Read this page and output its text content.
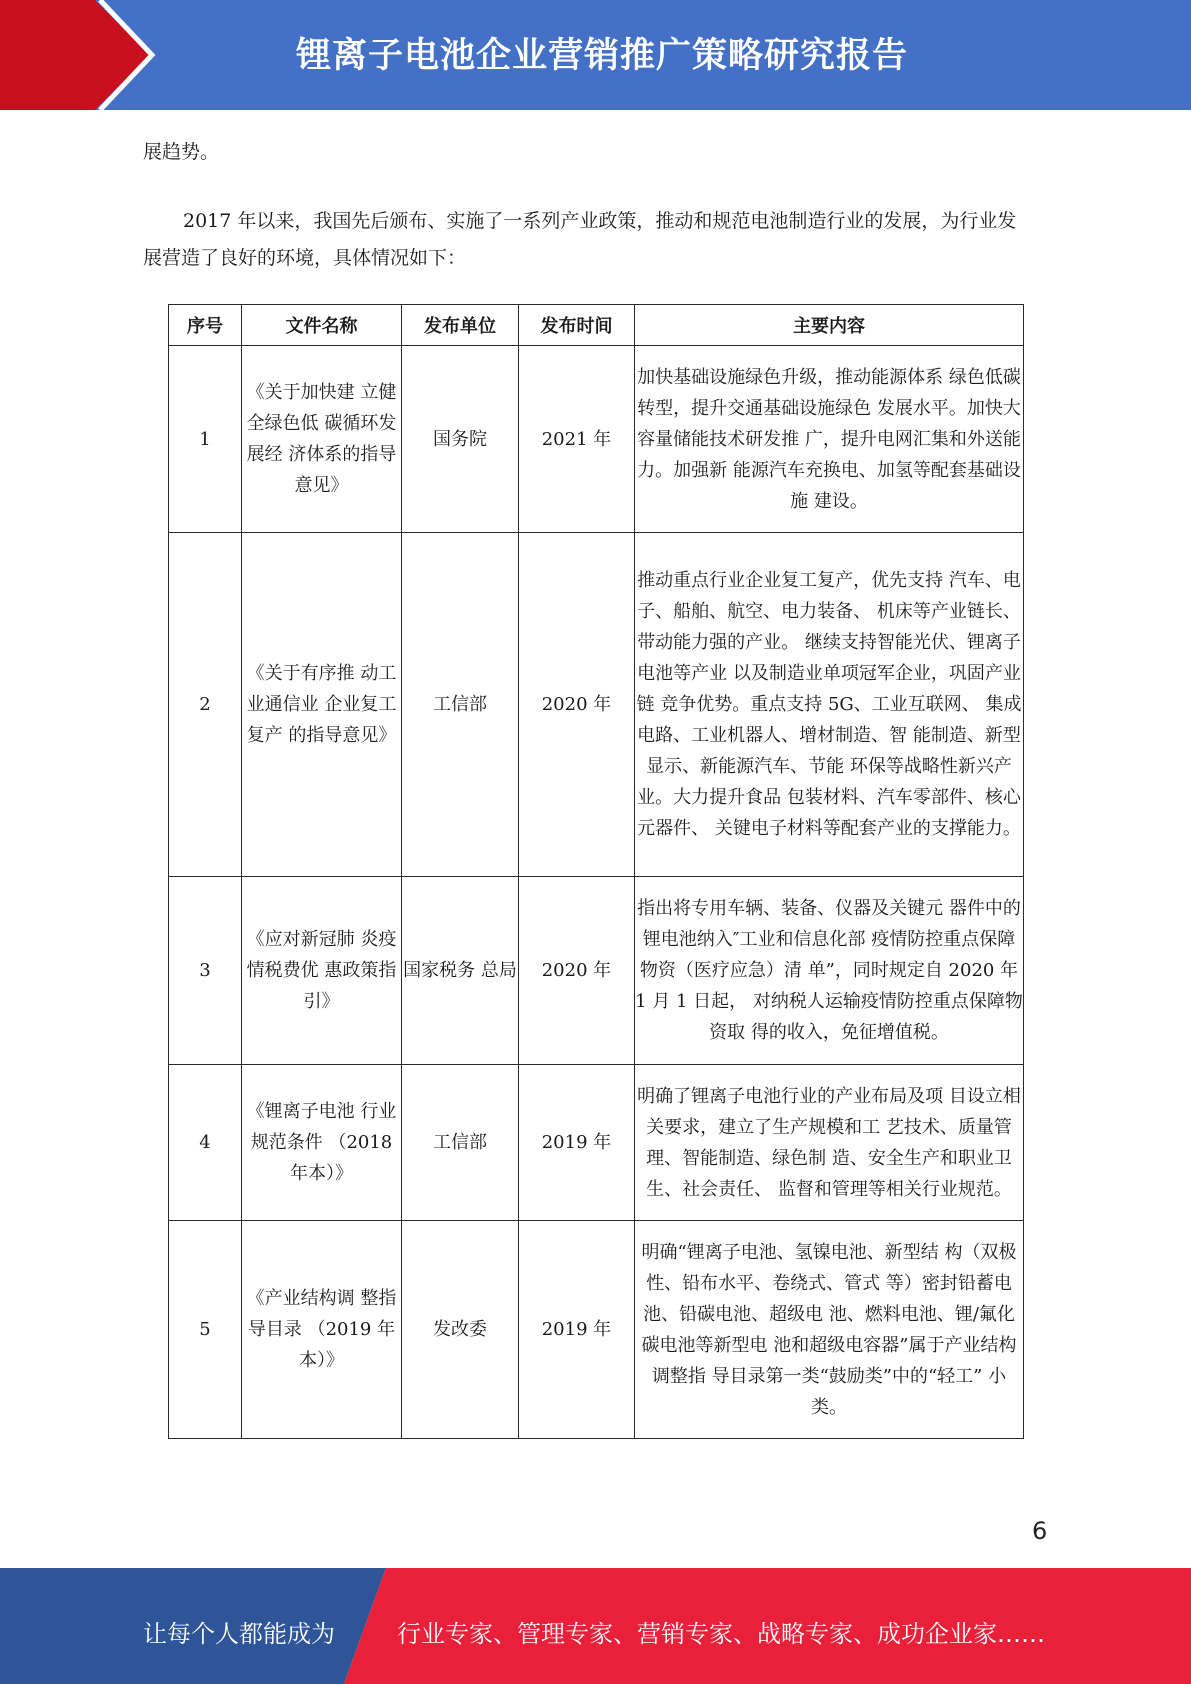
锂离子电池企业营销推广策略研究报告

展趋势。

2017 年以来，我国先后颁布、实施了一系列产业政策，推动和规范电池制造行业的发展，为行业发展营造了良好的环境，具体情况如下：

序号	文件名称	发布单位	发布时间	主要内容
1	《关于加快建 立健全绿色低 碳循环发展经 济体系的指导 意见》	国务院	2021 年	加快基础设施绿色升级，推动能源体系 绿色低碳转型，提升交通基础设施绿色 发展水平。加快大容量储能技术研发推 广，提升电网汇集和外送能力。加强新 能源汽车充换电、加氢等配套基础设施 建设。
2	《关于有序推 动工业通信业 企业复工复产 的指导意见》	工信部	2020 年	推动重点行业企业复工复产，优先支持 汽车、电子、船舶、航空、电力装备、 机床等产业链长、带动能力强的产业。 继续支持智能光伏、锂离子电池等产业 以及制造业单项冠军企业，巩固产业链 竞争优势。重点支持 5G、工业互联网、 集成电路、工业机器人、增材制造、智 能制造、新型显示、新能源汽车、节能 环保等战略性新兴产业。大力提升食品 包装材料、汽车零部件、核心元器件、 关键电子材料等配套产业的支撑能力。
3	《应对新冠肺 炎疫情税费优 惠政策指引》	国家税务 总局	2020 年	指出将专用车辆、装备、仪器及关键元 器件中的锂电池纳入″工业和信息化部 疫情防控重点保障物资（医疗应急）清 单”，同时规定自 2020 年 1 月 1 日起， 对纳税人运输疫情防控重点保障物资取 得的收入，免征增值税。
4	《锂离子电池 行业规范条件 （2018 年本）》	工信部	2019 年	明确了锂离子电池行业的产业布局及项 目设立相关要求，建立了生产规模和工 艺技术、质量管理、智能制造、绿色制 造、安全生产和职业卫生、社会责任、 监督和管理等相关行业规范。
5	《产业结构调 整指导目录 （2019 年本）》	发改委	2019 年	明确“锂离子电池、氢镍电池、新型结 构（双极性、铅布水平、卷绕式、管式 等）密封铅蓄电池、铅碳电池、超级电 池、燃料电池、锂/氟化碳电池等新型电 池和超级电容器”属于产业结构调整指 导目录第一类“鼓励类”中的“轻工” 小类。
6
让每个人都能成为	行业专家、管理专家、营销专家、战略专家、成功企业家……
